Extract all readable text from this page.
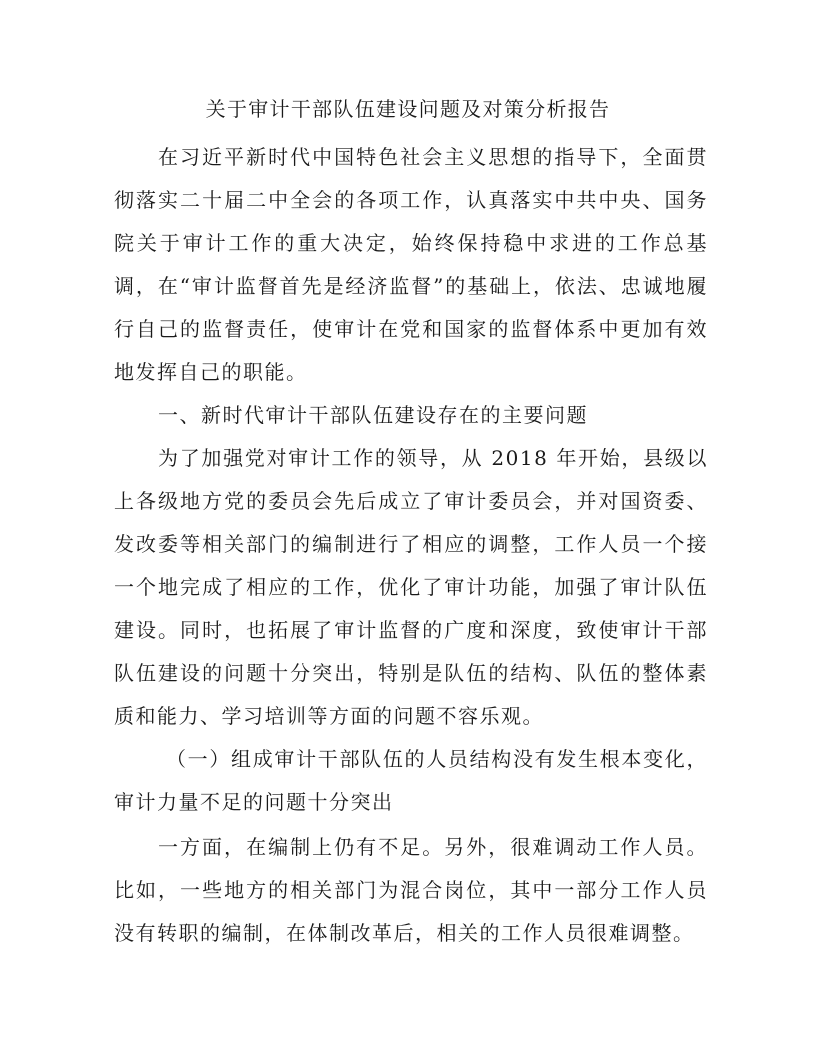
关于审计干部队伍建设问题及对策分析报告

在习近平新时代中国特色社会主义思想的指导下，全面贯彻落实二十届二中全会的各项工作，认真落实中共中央、国务院关于审计工作的重大决定，始终保持稳中求进的工作总基调，在“审计监督首先是经济监督”的基础上，依法、忠诚地履行自己的监督责任，使审计在党和国家的监督体系中更加有效地发挥自己的职能。

一、新时代审计干部队伍建设存在的主要问题

为了加强党对审计工作的领导，从 2018 年开始，县级以上各级地方党的委员会先后成立了审计委员会，并对国资委、发改委等相关部门的编制进行了相应的调整，工作人员一个接一个地完成了相应的工作，优化了审计功能，加强了审计队伍建设。同时，也拓展了审计监督的广度和深度，致使审计干部队伍建设的问题十分突出，特别是队伍的结构、队伍的整体素质和能力、学习培训等方面的问题不容乐观。

（一）组成审计干部队伍的人员结构没有发生根本变化，审计力量不足的问题十分突出

一方面，在编制上仍有不足。另外，很难调动工作人员。比如，一些地方的相关部门为混合岗位，其中一部分工作人员没有转职的编制，在体制改革后，相关的工作人员很难调整。
